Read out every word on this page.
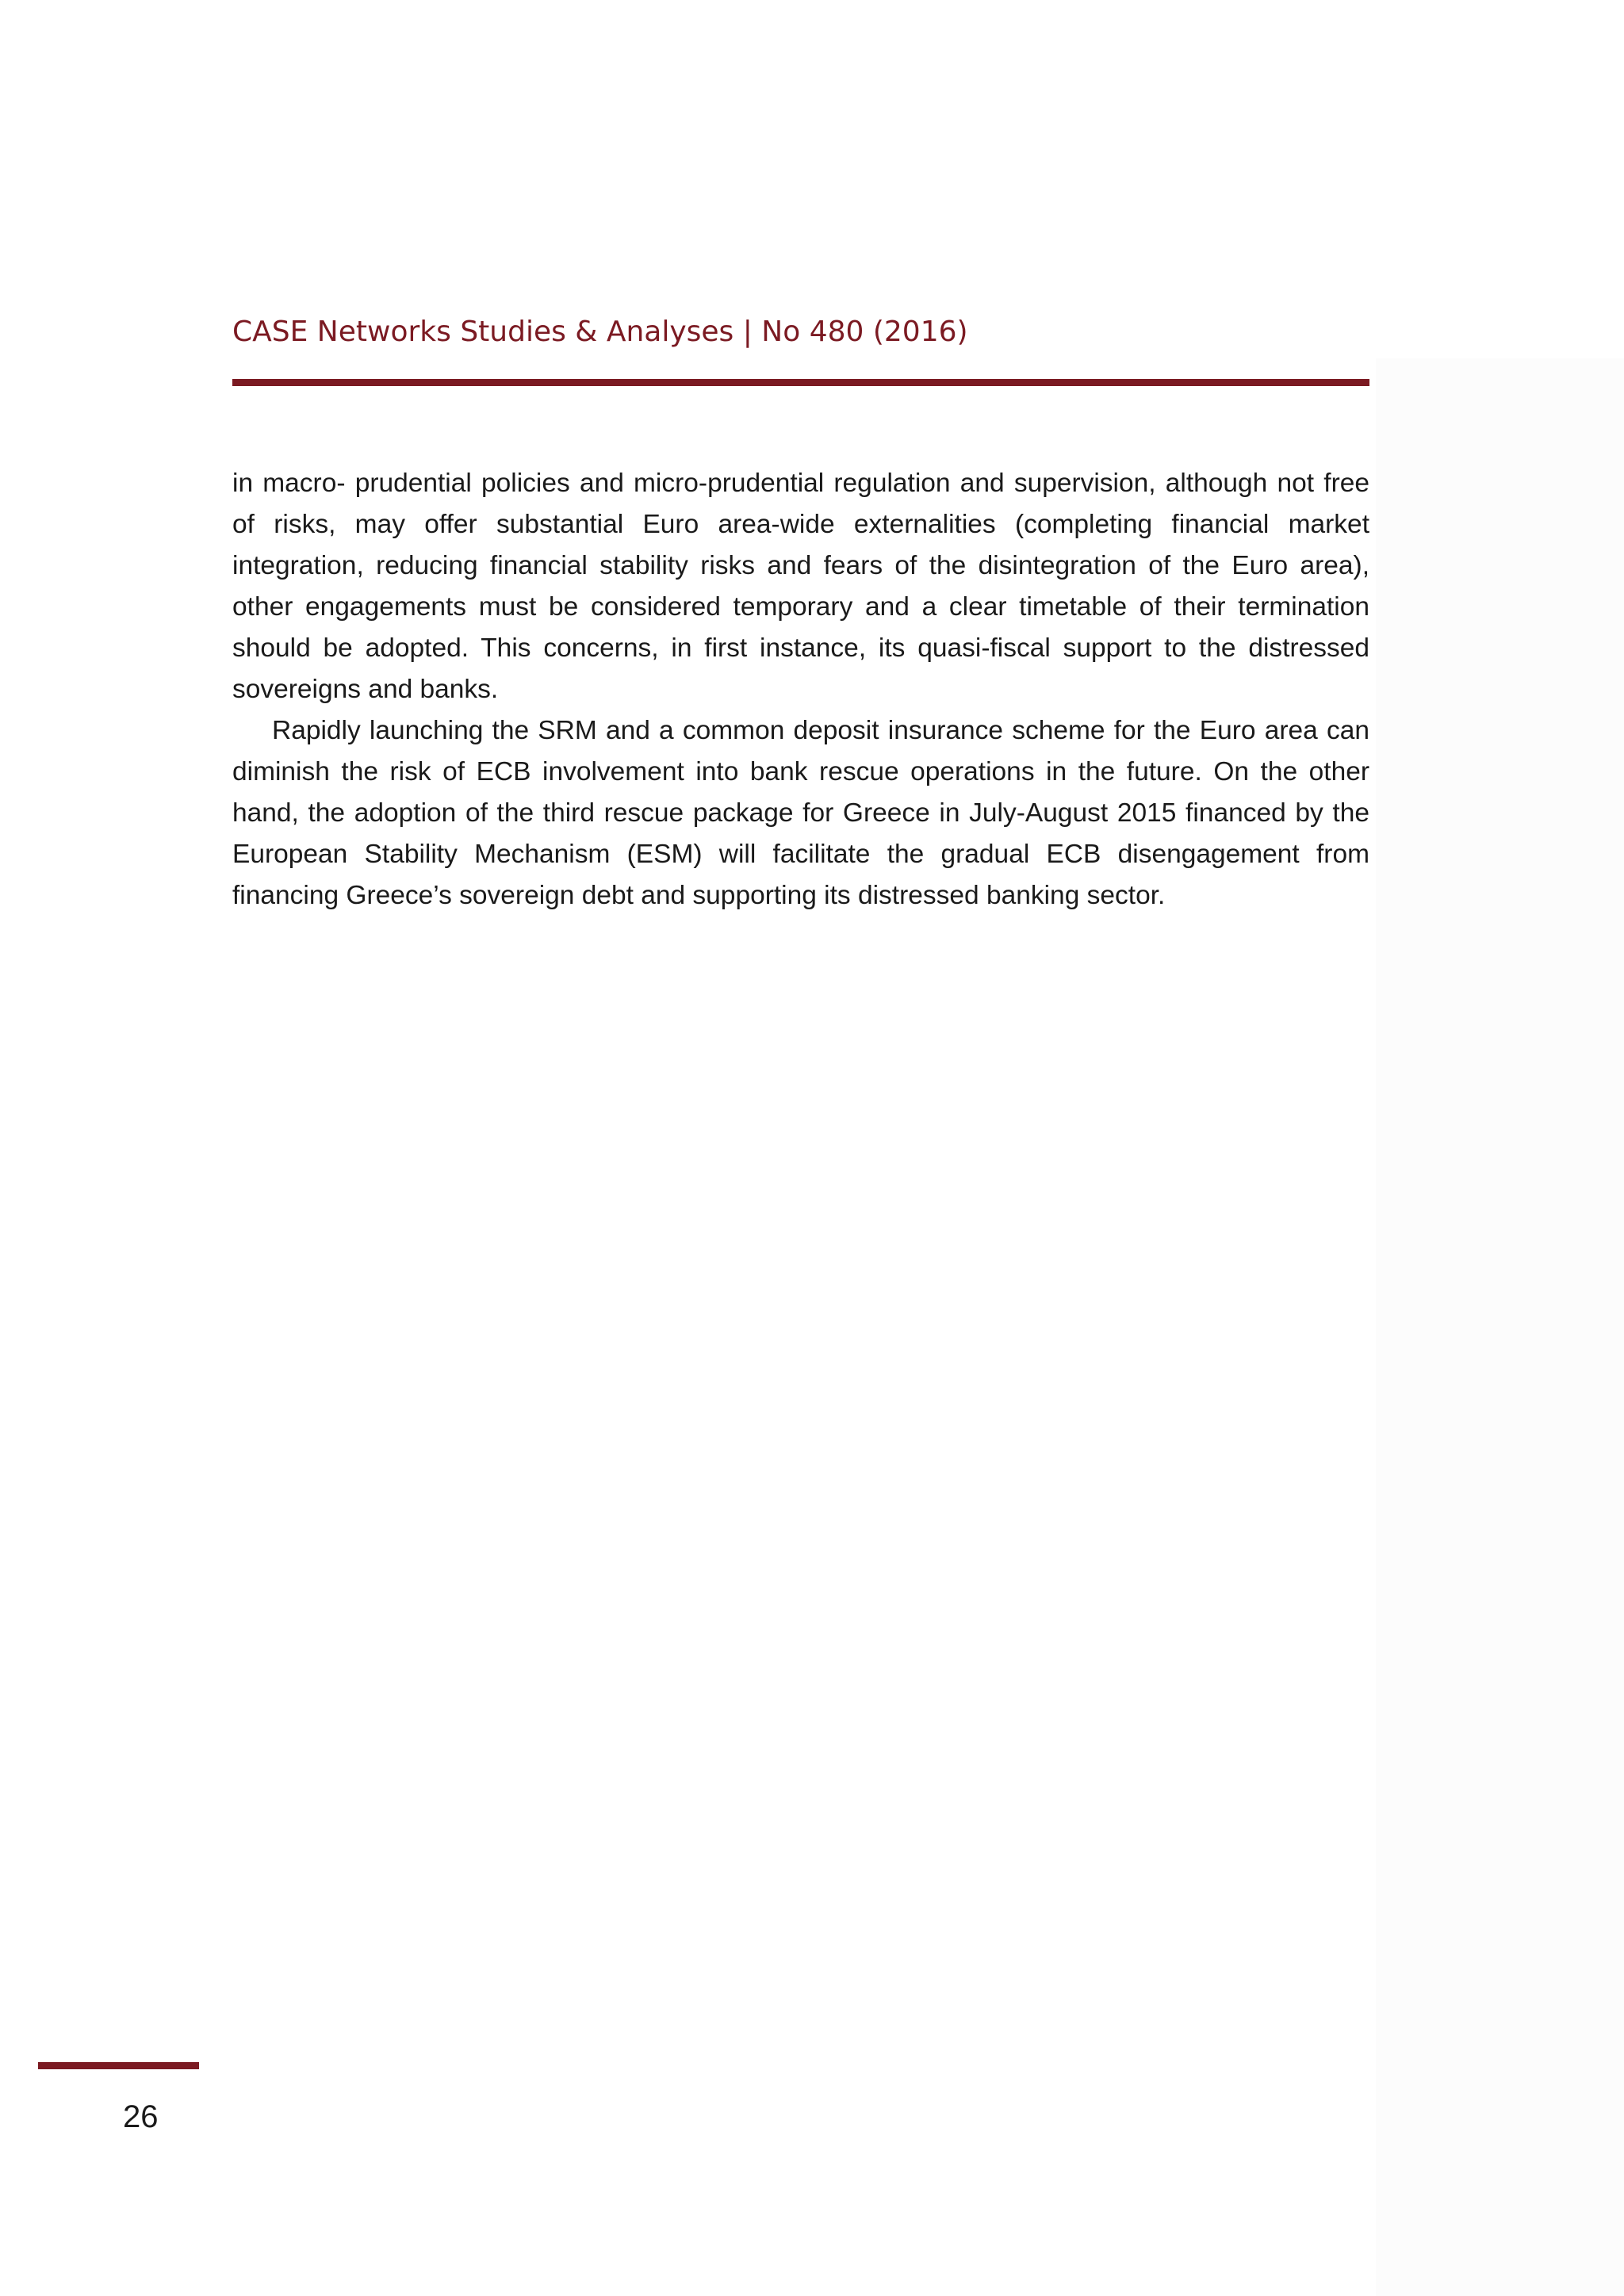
CASE Networks Studies & Analyses | No 480 (2016)

in macro- prudential policies and micro-prudential regulation and supervision, although not free of risks, may offer substantial Euro area-wide externalities (completing financial market integration, reducing financial stability risks and fears of the disintegration of the Euro area), other engagements must be considered temporary and a clear timetable of their termination should be adopted. This concerns, in first instance, its quasi-fiscal support to the distressed sovereigns and banks.

Rapidly launching the SRM and a common deposit insurance scheme for the Euro area can diminish the risk of ECB involvement into bank rescue operations in the future. On the other hand, the adoption of the third rescue package for Greece in July-August 2015 financed by the European Stability Mechanism (ESM) will facilitate the gradual ECB disengagement from financing Greece’s sovereign debt and supporting its distressed banking sector.

26
